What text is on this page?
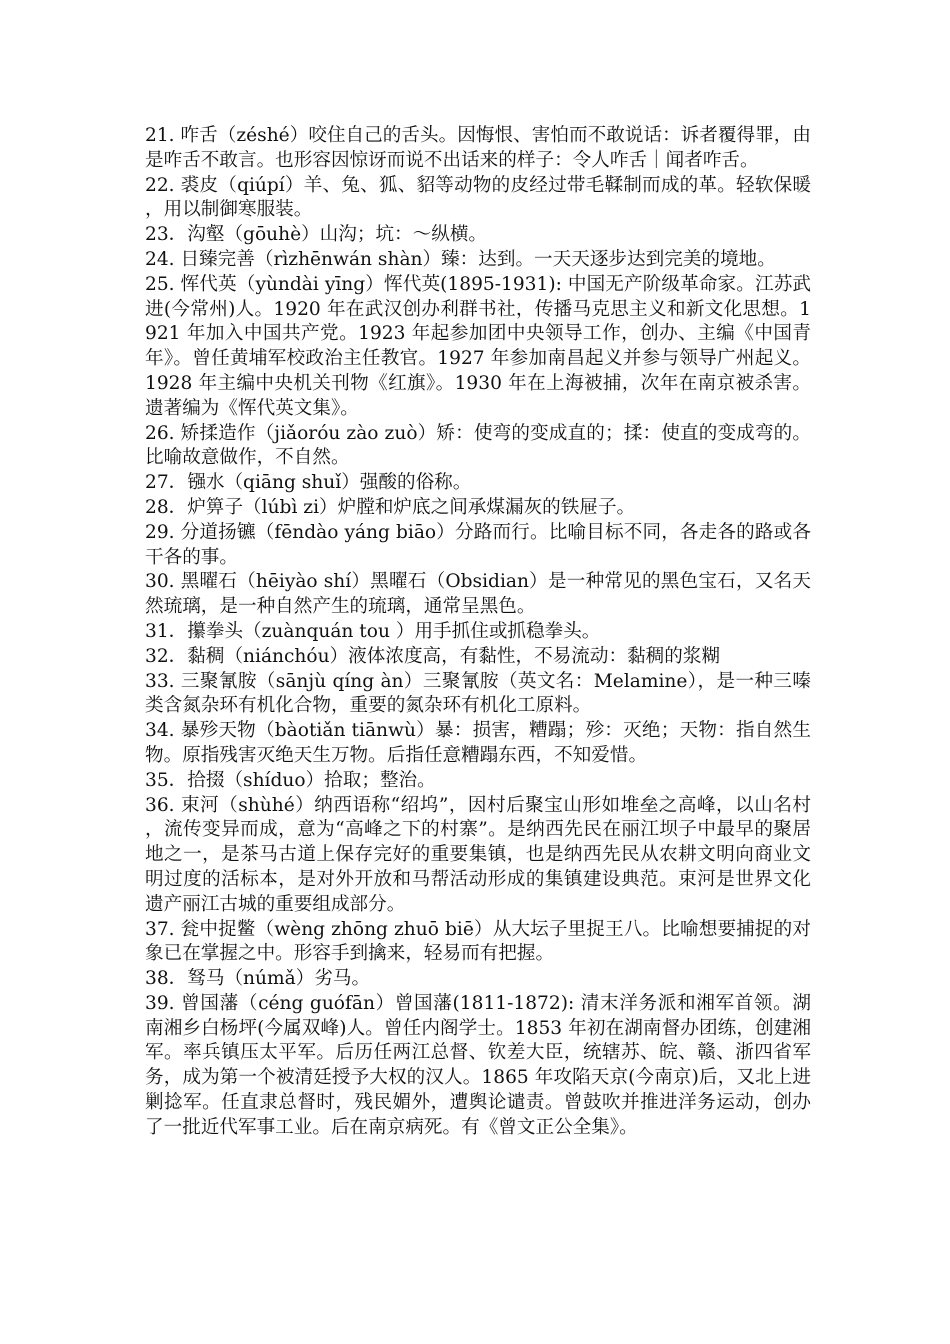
21. 咋舌（zéshé）咬住自己的舌头。因悔恨、害怕而不敢说话：诉者覆得罪，由是咋舌不敢言。也形容因惊讶而说不出话来的样子：令人咋舌｜闻者咋舌。

22. 裘皮（qiúpí）羊、兔、狐、貂等动物的皮经过带毛鞣制而成的革。轻软保暖，用以制御寒服装。

23．沟壑（gōuhè）山沟；坑：～纵横。

24. 日臻完善（rìzhēnwán shàn）臻：达到。一天天逐步达到完美的境地。

25. 恽代英（yùndài yīng）恽代英(1895-1931): 中国无产阶级革命家。江苏武进(今常州)人。1920 年在武汉创办利群书社，传播马克思主义和新文化思想。1921 年加入中国共产党。1923 年起参加团中央领导工作，创办、主编《中国青年》。曾任黄埔军校政治主任教官。1927 年参加南昌起义并参与领导广州起义。1928 年主编中央机关刊物《红旗》。1930 年在上海被捕，次年在南京被杀害。遗著编为《恽代英文集》。

26. 矫揉造作（jiǎoróu zào zuò）矫：使弯的变成直的；揉：使直的变成弯的。比喻故意做作，不自然。

27．镪水（qiāng shuǐ）强酸的俗称。

28．炉箅子（lúbì zi）炉膛和炉底之间承煤漏灰的铁屉子。

29. 分道扬镳（fēndào yáng biāo）分路而行。比喻目标不同，各走各的路或各干各的事。

30. 黑曜石（hēiyào shí）黑曜石（Obsidian）是一种常见的黑色宝石，又名天然琉璃，是一种自然产生的琉璃，通常呈黑色。

31．攥拳头（zuànquán tou ）用手抓住或抓稳拳头。

32．黏稠（niánchóu）液体浓度高，有黏性，不易流动：黏稠的浆糊

33. 三聚氰胺（sānjù qíng àn）三聚氰胺（英文名：Melamine），是一种三嗪类含氮杂环有机化合物，重要的氮杂环有机化工原料。

34. 暴殄天物（bàotiǎn tiānwù）暴：损害，糟蹋；殄：灭绝；天物：指自然生物。原指残害灭绝天生万物。后指任意糟蹋东西，不知爱惜。

35．拾掇（shíduo）拾取；整治。

36. 束河（shùhé）纳西语称“绍坞”，因村后聚宝山形如堆垒之高峰，以山名村，流传变异而成，意为“高峰之下的村寨”。是纳西先民在丽江坝子中最早的聚居地之一，是茶马古道上保存完好的重要集镇，也是纳西先民从农耕文明向商业文明过度的活标本，是对外开放和马帮活动形成的集镇建设典范。束河是世界文化遗产丽江古城的重要组成部分。

37. 瓮中捉鳖（wèng zhōng zhuō biē）从大坛子里捉王八。比喻想要捕捉的对象已在掌握之中。形容手到擒来，轻易而有把握。

38．驽马（númǎ）劣马。

39. 曾国藩（céng guófān）曾国藩(1811-1872): 清末洋务派和湘军首领。湖南湘乡白杨坪(今属双峰)人。曾任内阁学士。1853 年初在湖南督办团练，创建湘军。率兵镇压太平军。后历任两江总督、钦差大臣，统辖苏、皖、赣、浙四省军务，成为第一个被清廷授予大权的汉人。1865 年攻陷天京(今南京)后，又北上进剿捻军。任直隶总督时，残民媚外，遭舆论谴责。曾鼓吹并推进洋务运动，创办了一批近代军事工业。后在南京病死。有《曾文正公全集》。
